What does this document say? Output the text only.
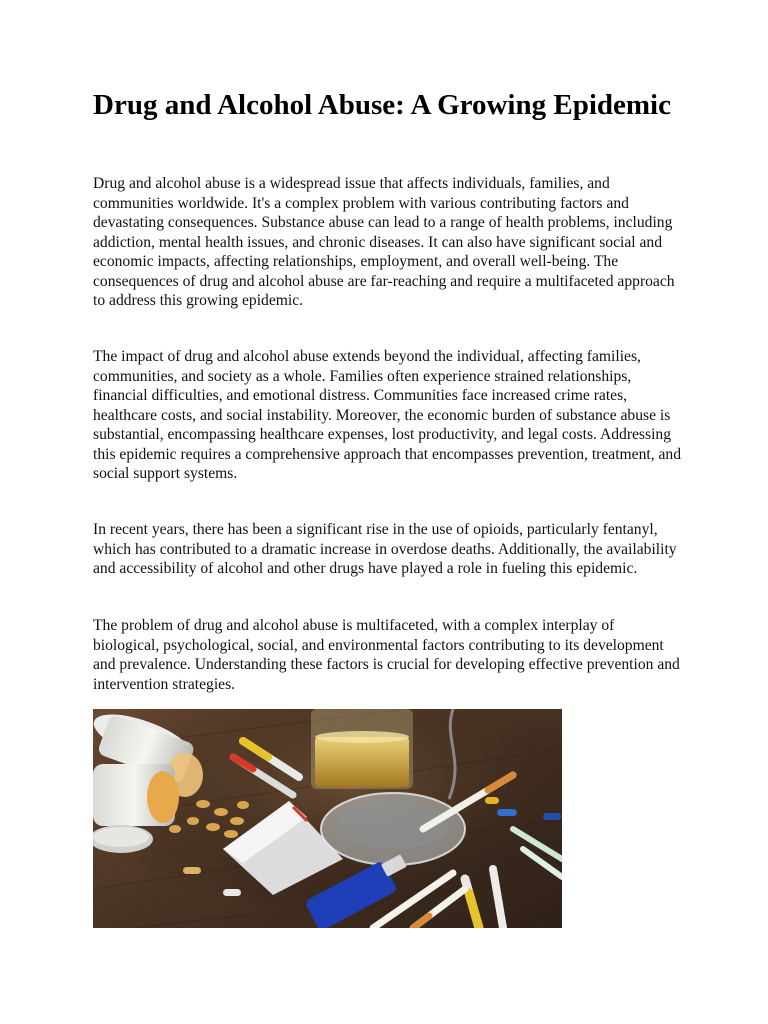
Drug and Alcohol Abuse: A Growing Epidemic

Drug and alcohol abuse is a widespread issue that affects individuals, families, and communities worldwide. It's a complex problem with various contributing factors and devastating consequences. Substance abuse can lead to a range of health problems, including addiction, mental health issues, and chronic diseases. It can also have significant social and economic impacts, affecting relationships, employment, and overall well-being. The consequences of drug and alcohol abuse are far-reaching and require a multifaceted approach to address this growing epidemic.

The impact of drug and alcohol abuse extends beyond the individual, affecting families, communities, and society as a whole. Families often experience strained relationships, financial difficulties, and emotional distress. Communities face increased crime rates, healthcare costs, and social instability. Moreover, the economic burden of substance abuse is substantial, encompassing healthcare expenses, lost productivity, and legal costs. Addressing this epidemic requires a comprehensive approach that encompasses prevention, treatment, and social support systems.

In recent years, there has been a significant rise in the use of opioids, particularly fentanyl, which has contributed to a dramatic increase in overdose deaths. Additionally, the availability and accessibility of alcohol and other drugs have played a role in fueling this epidemic.

The problem of drug and alcohol abuse is multifaceted, with a complex interplay of biological, psychological, social, and environmental factors contributing to its development and prevalence. Understanding these factors is crucial for developing effective prevention and intervention strategies.
